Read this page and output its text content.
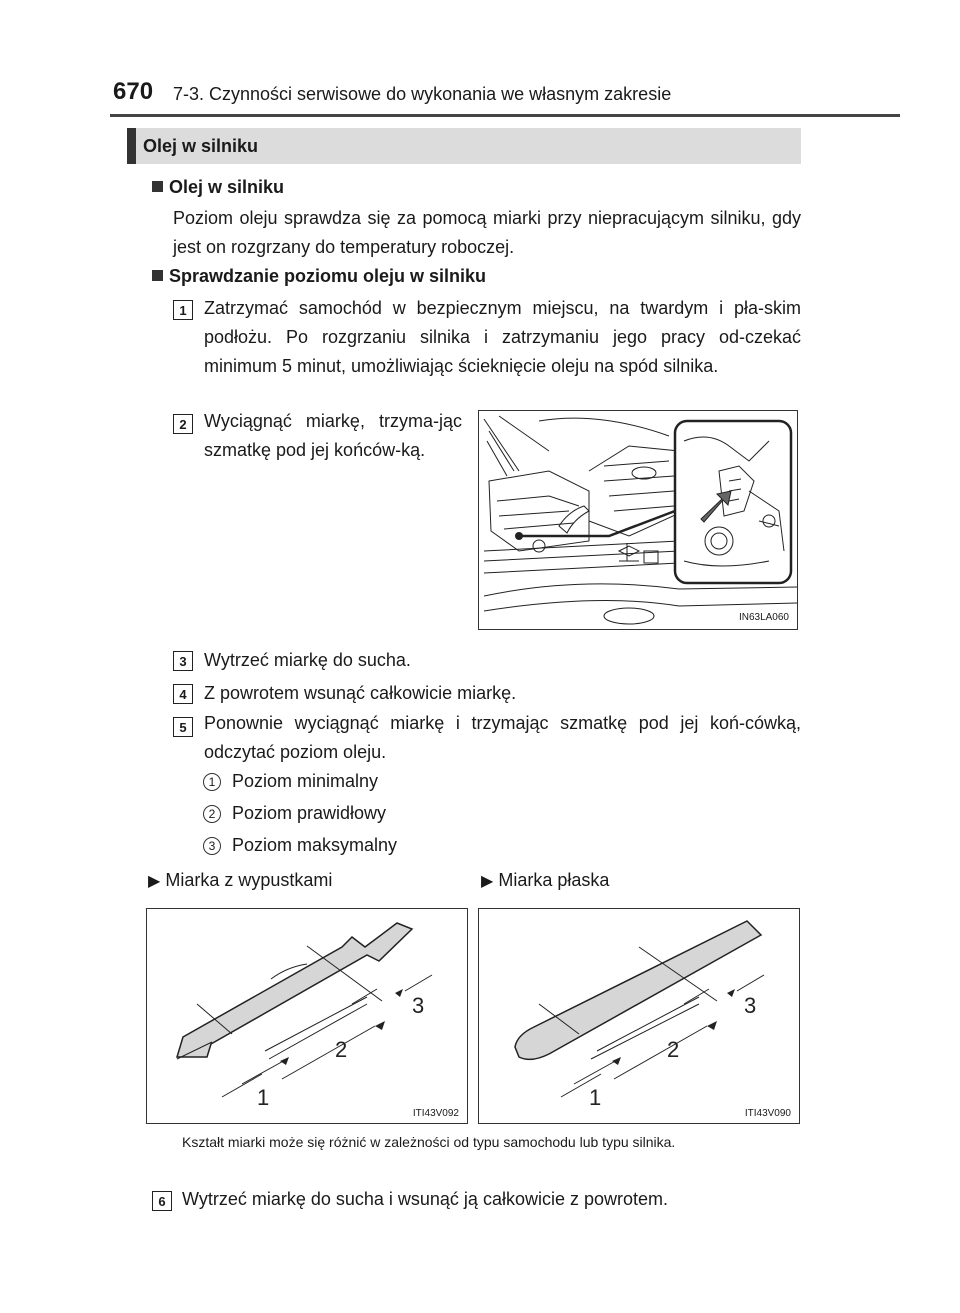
670 7-3. Czynności serwisowe do wykonania we własnym zakresie
Olej w silniku
Olej w silniku
Poziom oleju sprawdza się za pomocą miarki przy niepracującym silniku, gdy jest on rozgrzany do temperatury roboczej.
Sprawdzanie poziomu oleju w silniku
1 Zatrzymać samochód w bezpiecznym miejscu, na twardym i pła-skim podłożu. Po rozgrzaniu silnika i zatrzymaniu jego pracy od-czekać minimum 5 minut, umożliwiając ścieknięcie oleju na spód silnika.
2 Wyciągnąć miarkę, trzyma-jąc szmatkę pod jej końców-ką.
IN63LA060
3 Wytrzeć miarkę do sucha.
4 Z powrotem wsunąć całkowicie miarkę.
5 Ponownie wyciągnąć miarkę i trzymając szmatkę pod jej koń-cówką, odczytać poziom oleju.
1 Poziom minimalny
2 Poziom prawidłowy
3 Poziom maksymalny
▶ Miarka z wypustkami	▶ Miarka płaska
1
2
3
ITI43V092
1
2
3
ITI43V090
Kształt miarki może się różnić w zależności od typu samochodu lub typu silnika.
6 Wytrzeć miarkę do sucha i wsunąć ją całkowicie z powrotem.
